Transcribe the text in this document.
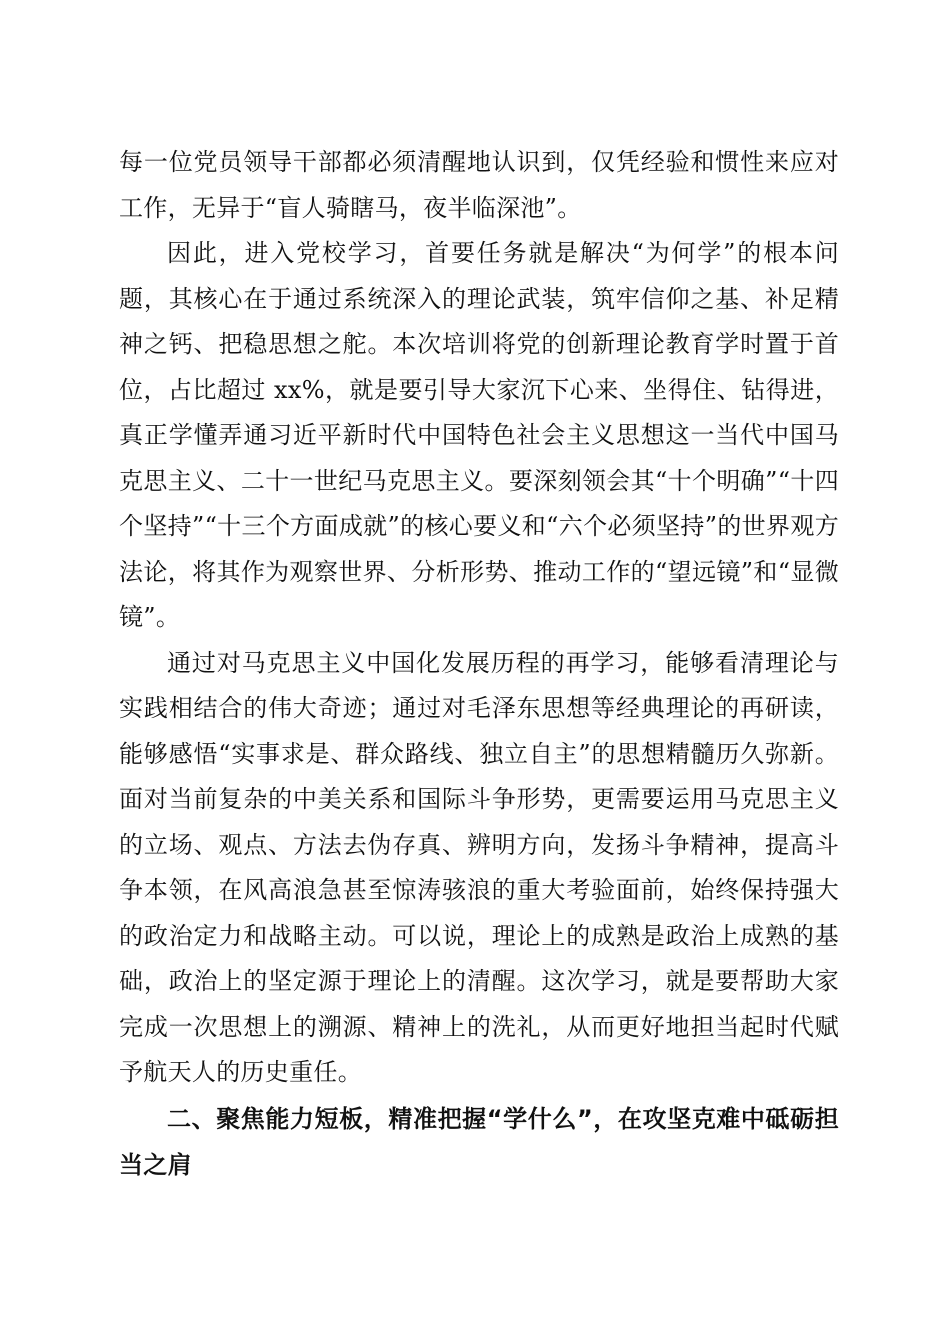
每一位党员领导干部都必须清醒地认识到，仅凭经验和惯性来应对工作，无异于“盲人骑瞎马，夜半临深池”。

因此，进入党校学习，首要任务就是解决“为何学”的根本问题，其核心在于通过系统深入的理论武装，筑牢信仰之基、补足精神之钙、把稳思想之舵。本次培训将党的创新理论教育学时置于首位，占比超过 xx%，就是要引导大家沉下心来、坐得住、钻得进，真正学懂弄通习近平新时代中国特色社会主义思想这一当代中国马克思主义、二十一世纪马克思主义。要深刻领会其“十个明确”“十四个坚持”“十三个方面成就”的核心要义和“六个必须坚持”的世界观方法论，将其作为观察世界、分析形势、推动工作的“望远镜”和“显微镜”。

通过对马克思主义中国化发展历程的再学习，能够看清理论与实践相结合的伟大奇迹；通过对毛泽东思想等经典理论的再研读，能够感悟“实事求是、群众路线、独立自主”的思想精髓历久弥新。面对当前复杂的中美关系和国际斗争形势，更需要运用马克思主义的立场、观点、方法去伪存真、辨明方向，发扬斗争精神，提高斗争本领，在风高浪急甚至惊涛骇浪的重大考验面前，始终保持强大的政治定力和战略主动。可以说，理论上的成熟是政治上成熟的基础，政治上的坚定源于理论上的清醒。这次学习，就是要帮助大家完成一次思想上的溯源、精神上的洗礼，从而更好地担当起时代赋予航天人的历史重任。

二、聚焦能力短板，精准把握“学什么”，在攻坚克难中砥砺担当之肩
